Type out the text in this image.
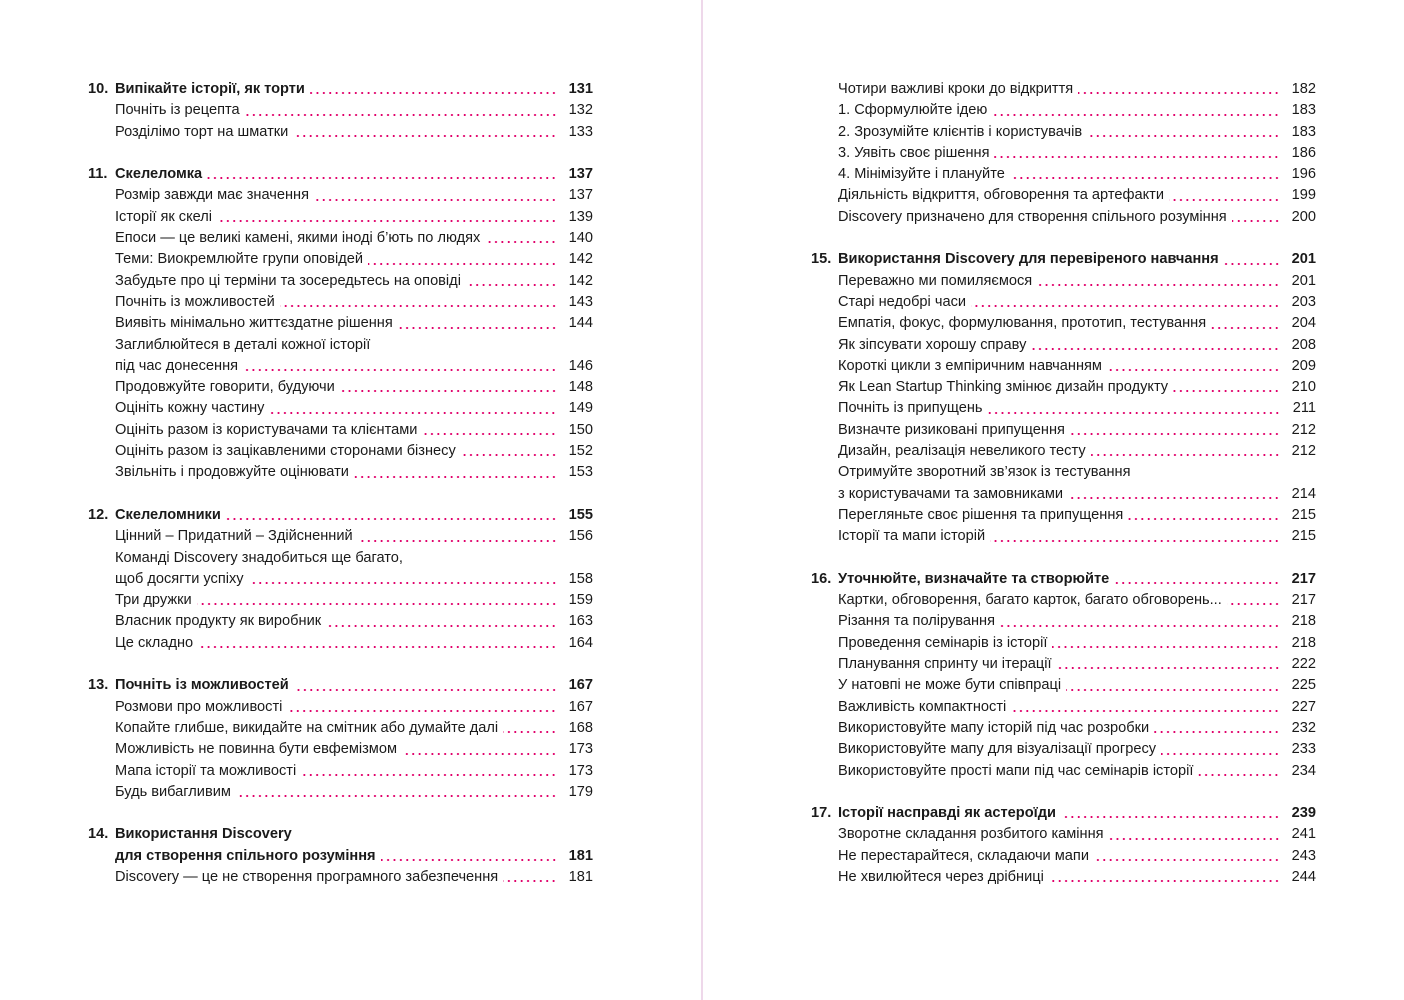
10. Випікайте історії, як торти	131
Почніть із рецепта	132
Розділімо торт на шматки	133
11. Скелеломка	137
Розмір завжди має значення	137
Історії як скелі	139
Епоси — це великі камені, якими іноді б’ють по людях	140
Теми: Виокремлюйте групи оповідей	142
Забудьте про ці терміни та зосередьтесь на оповіді	142
Почніть із можливостей	143
Виявіть мінімально життєздатне рішення	144
Заглиблюйтеся в деталі кожної історії
під час донесення	146
Продовжуйте говорити, будуючи	148
Оцініть кожну частину	149
Оцініть разом із користувачами та клієнтами	150
Оцініть разом із зацікавленими сторонами бізнесу	152
Звільніть і продовжуйте оцінювати	153
12. Скелеломники	155
Цінний – Придатний – Здійсненний	156
Команді Discovery знадобиться ще багато,
щоб досягти успіху	158
Три дружки	159
Власник продукту як виробник	163
Це складно	164
13. Почніть із можливостей	167
Розмови про можливості	167
Копайте глибше, викидайте на смітник або думайте далі	168
Можливість не повинна бути евфемізмом	173
Мапа історії та можливості	173
Будь вибагливим	179
14. Використання Discovery
для створення спільного розуміння	181
Discovery — це не створення програмного забезпечення	181
Чотири важливі кроки до відкриття	182
1. Сформулюйте ідею	183
2. Зрозумійте клієнтів і користувачів	183
3. Уявіть своє рішення	186
4. Мінімізуйте і плануйте	196
Діяльність відкриття, обговорення та артефакти	199
Discovery призначено для створення спільного розуміння	200
15. Використання Discovery для перевіреного навчання	201
Переважно ми помиляємося	201
Старі недобрі часи	203
Емпатія, фокус, формулювання, прототип, тестування	204
Як зіпсувати хорошу справу	208
Короткі цикли з емпіричним навчанням	209
Як Lean Startup Thinking змінює дизайн продукту	210
Почніть із припущень	211
Визначте ризиковані припущення	212
Дизайн, реалізація невеликого тесту	212
Отримуйте зворотний зв’язок із тестування
з користувачами та замовниками	214
Перегляньте своє рішення та припущення	215
Історії та мапи історій	215
16. Уточнюйте, визначайте та створюйте	217
Картки, обговорення, багато карток, багато обговорень...	217
Різання та полірування	218
Проведення семінарів із історії	218
Планування спринту чи ітерації	222
У натовпі не може бути співпраці	225
Важливість компактності	227
Використовуйте мапу історій під час розробки	232
Використовуйте мапу для візуалізації прогресу	233
Використовуйте прості мапи під час семінарів історії	234
17. Історії насправді як астероїди	239
Зворотне складання розбитого каміння	241
Не перестарайтеся, складаючи мапи	243
Не хвилюйтеся через дрібниці	244
